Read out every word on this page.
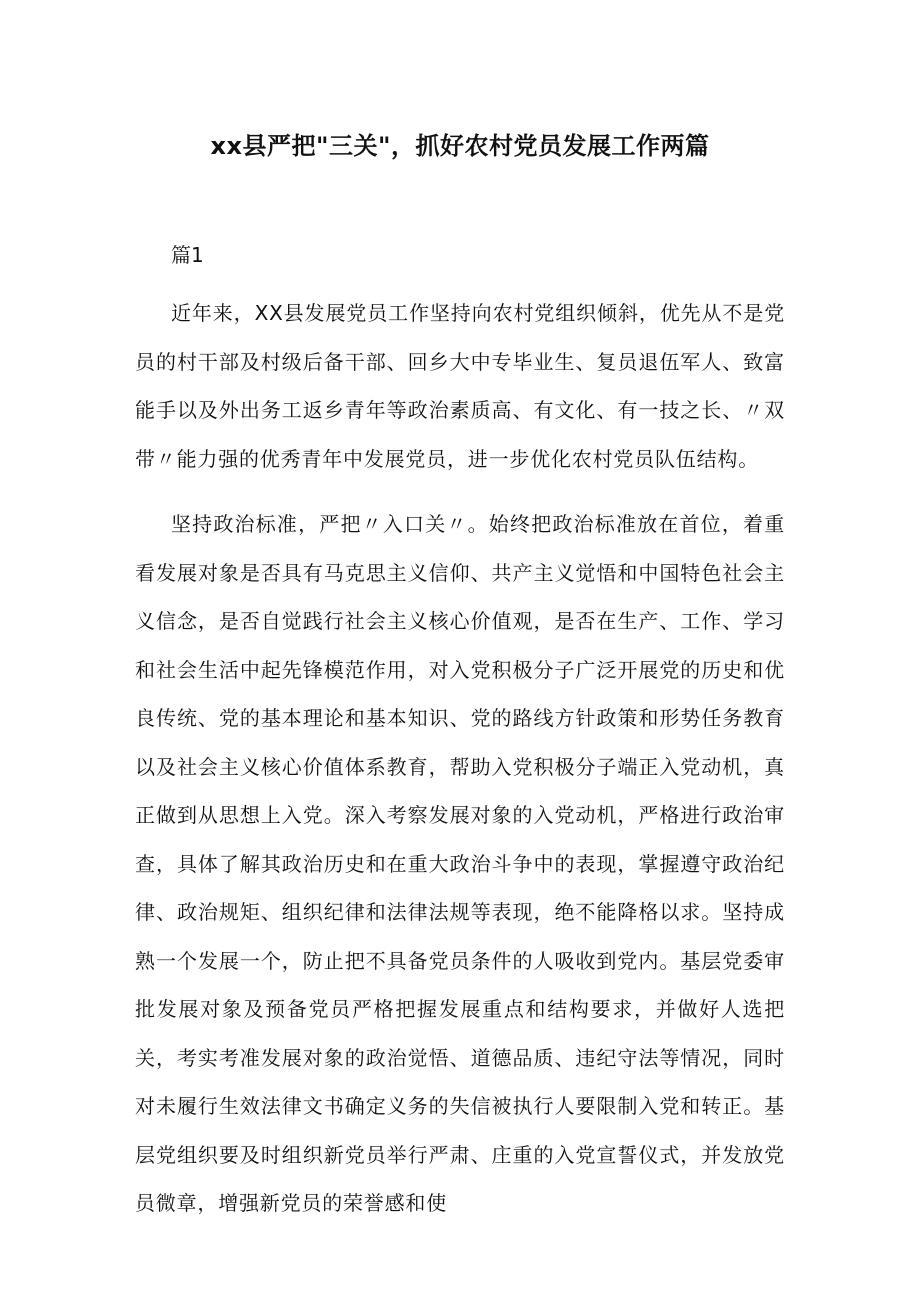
xx县严把"三关"，抓好农村党员发展工作两篇
篇1

近年来，XX县发展党员工作坚持向农村党组织倾斜，优先从不是党员的村干部及村级后备干部、回乡大中专毕业生、复员退伍军人、致富能手以及外出务工返乡青年等政治素质高、有文化、有一技之长、〃双带〃能力强的优秀青年中发展党员，进一步优化农村党员队伍结构。

坚持政治标准，严把〃入口关〃。始终把政治标准放在首位，着重看发展对象是否具有马克思主义信仰、共产主义觉悟和中国特色社会主义信念，是否自觉践行社会主义核心价值观，是否在生产、工作、学习和社会生活中起先锋模范作用，对入党积极分子广泛开展党的历史和优良传统、党的基本理论和基本知识、党的路线方针政策和形势任务教育以及社会主义核心价值体系教育，帮助入党积极分子端正入党动机，真正做到从思想上入党。深入考察发展对象的入党动机，严格进行政治审查，具体了解其政治历史和在重大政治斗争中的表现，掌握遵守政治纪律、政治规矩、组织纪律和法律法规等表现，绝不能降格以求。坚持成熟一个发展一个，防止把不具备党员条件的人吸收到党内。基层党委审批发展对象及预备党员严格把握发展重点和结构要求，并做好人选把关，考实考准发展对象的政治觉悟、道德品质、违纪守法等情况，同时对未履行生效法律文书确定义务的失信被执行人要限制入党和转正。基层党组织要及时组织新党员举行严肃、庄重的入党宣誓仪式，并发放党员微章，增强新党员的荣誉感和使
